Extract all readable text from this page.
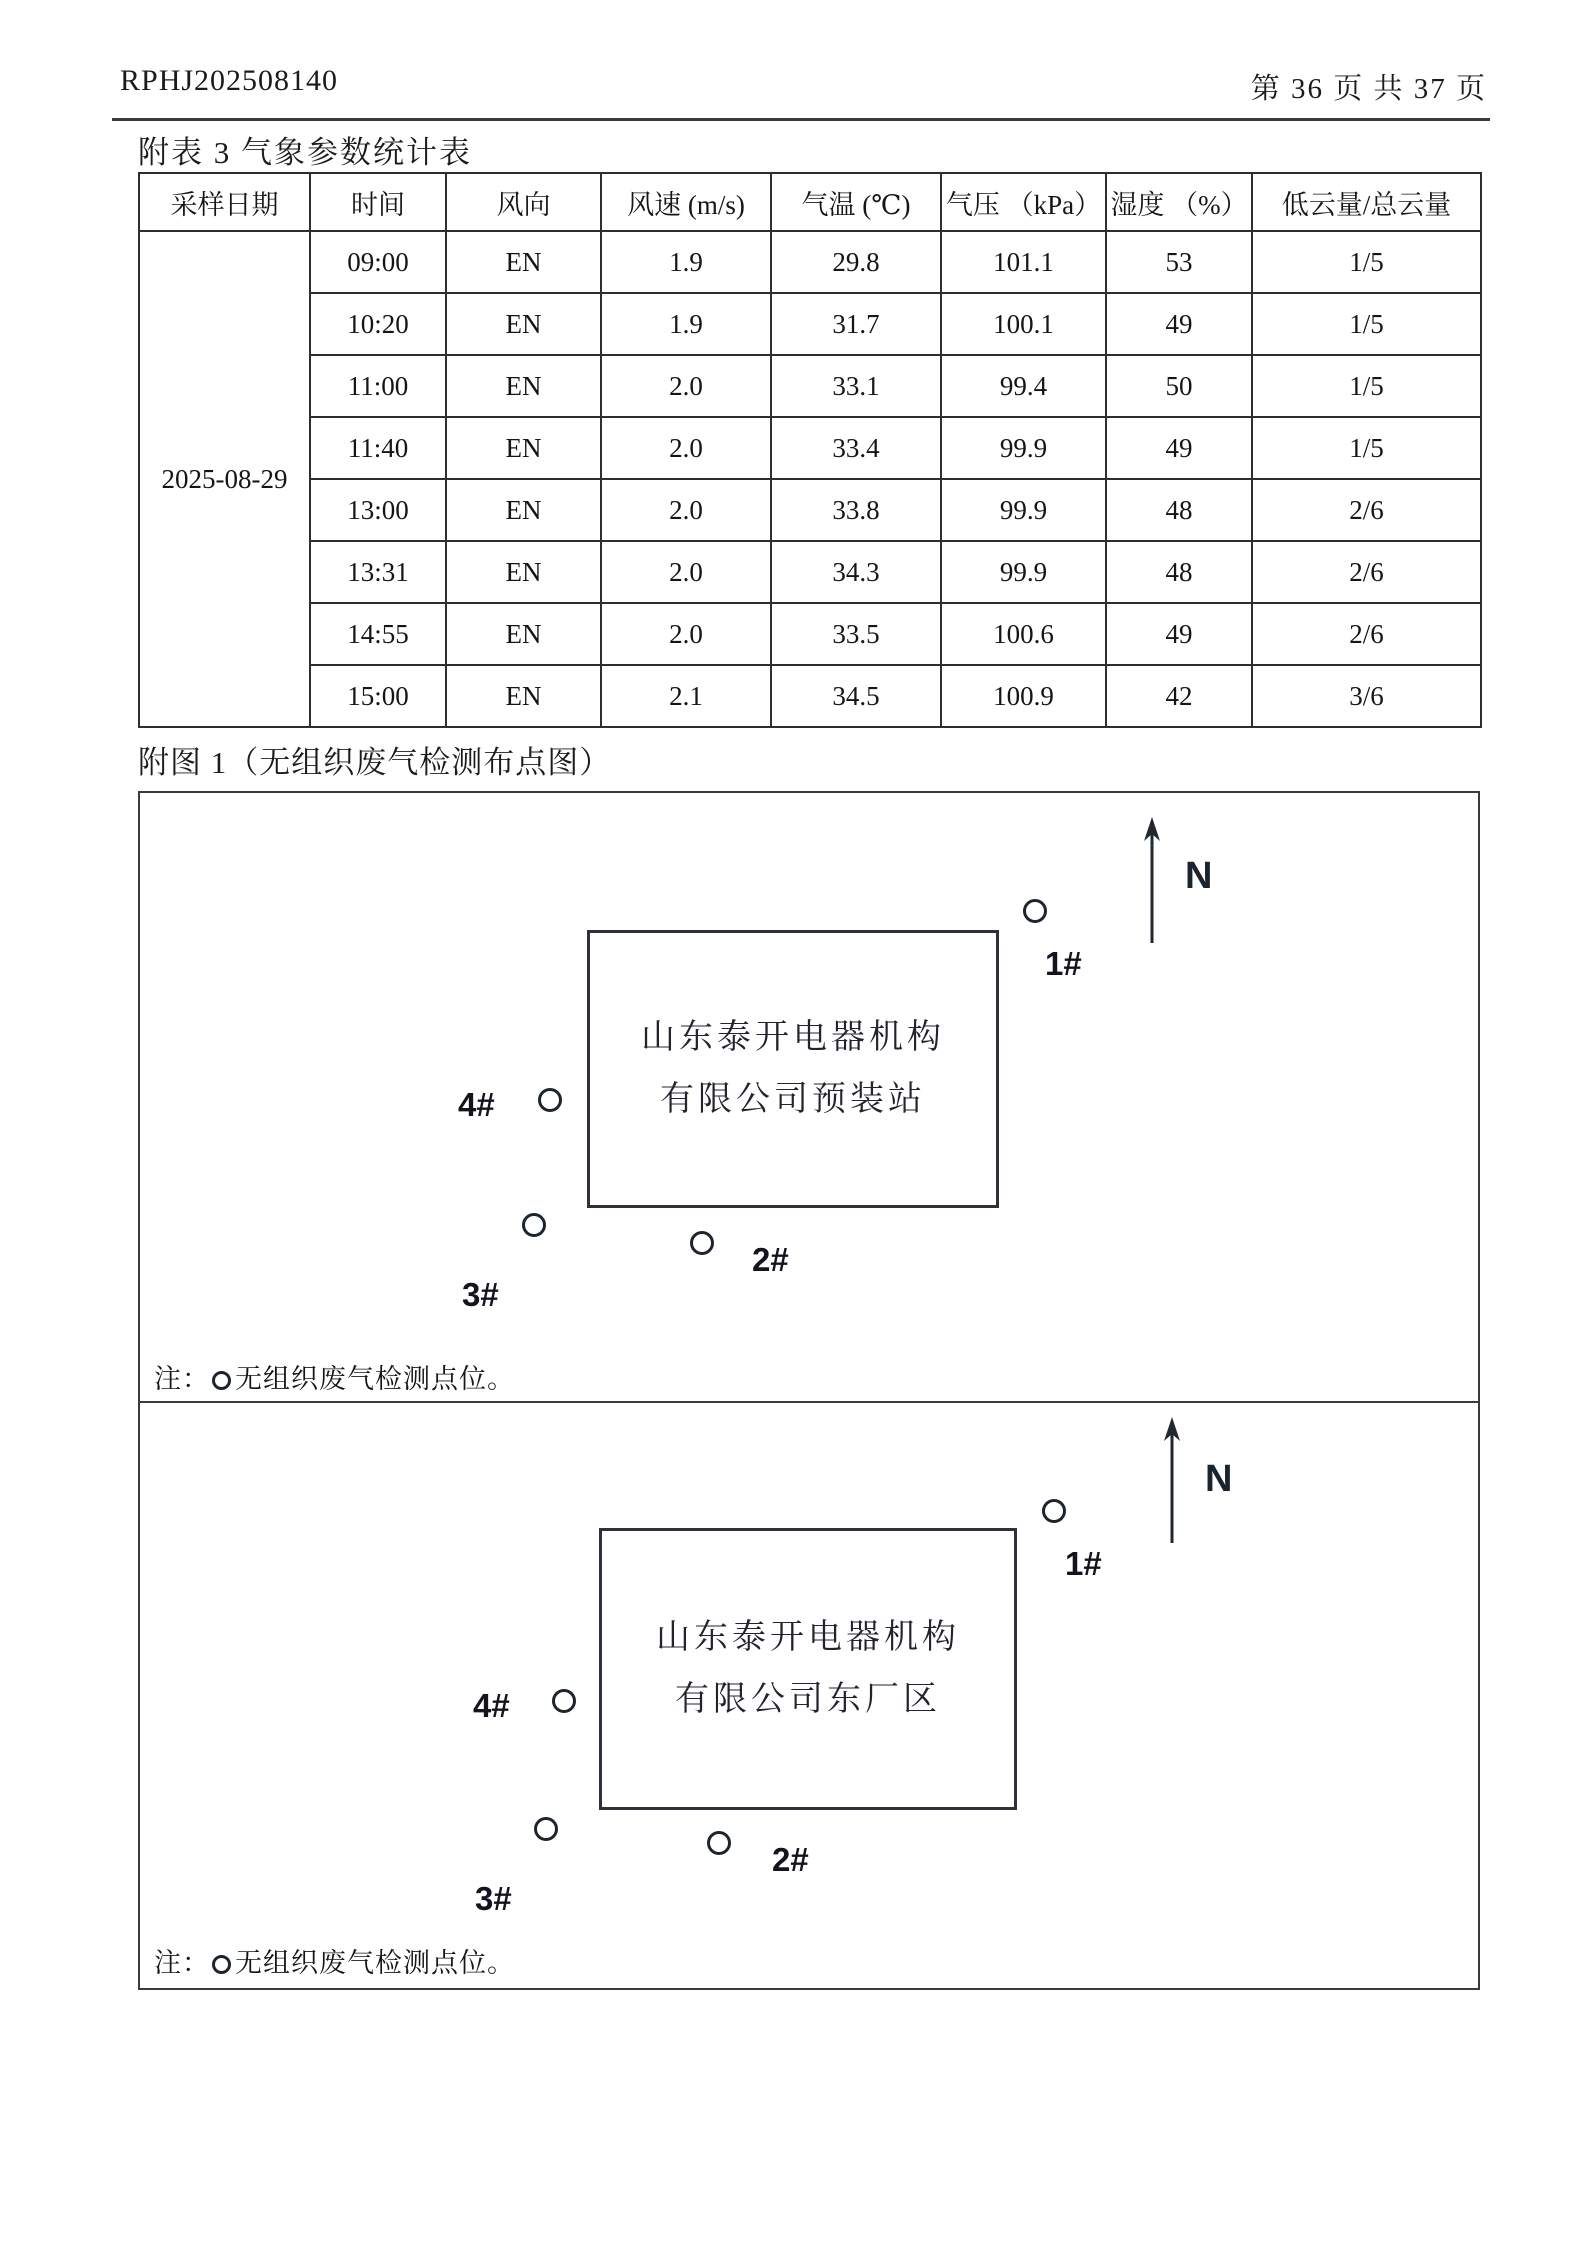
RPHJ202508140	第 36 页 共 37 页
附表 3 气象参数统计表
采样日期	时间	风向	风速 (m/s)	气温 (℃)	气压 （kPa）	湿度 （%）	低云量/总云量
2025-08-29	09:00	EN	1.9	29.8	101.1	53	1/5
	10:20	EN	1.9	31.7	100.1	49	1/5
	11:00	EN	2.0	33.1	99.4	50	1/5
	11:40	EN	2.0	33.4	99.9	49	1/5
	13:00	EN	2.0	33.8	99.9	48	2/6
	13:31	EN	2.0	34.3	99.9	48	2/6
	14:55	EN	2.0	33.5	100.6	49	2/6
	15:00	EN	2.1	34.5	100.9	42	3/6
附图 1（无组织废气检测布点图）
N
山东泰开电器机构
有限公司预装站
1#
2#
3#
4#
注： 无组织废气检测点位。
N
山东泰开电器机构
有限公司东厂区
1#
2#
3#
4#
注： 无组织废气检测点位。
